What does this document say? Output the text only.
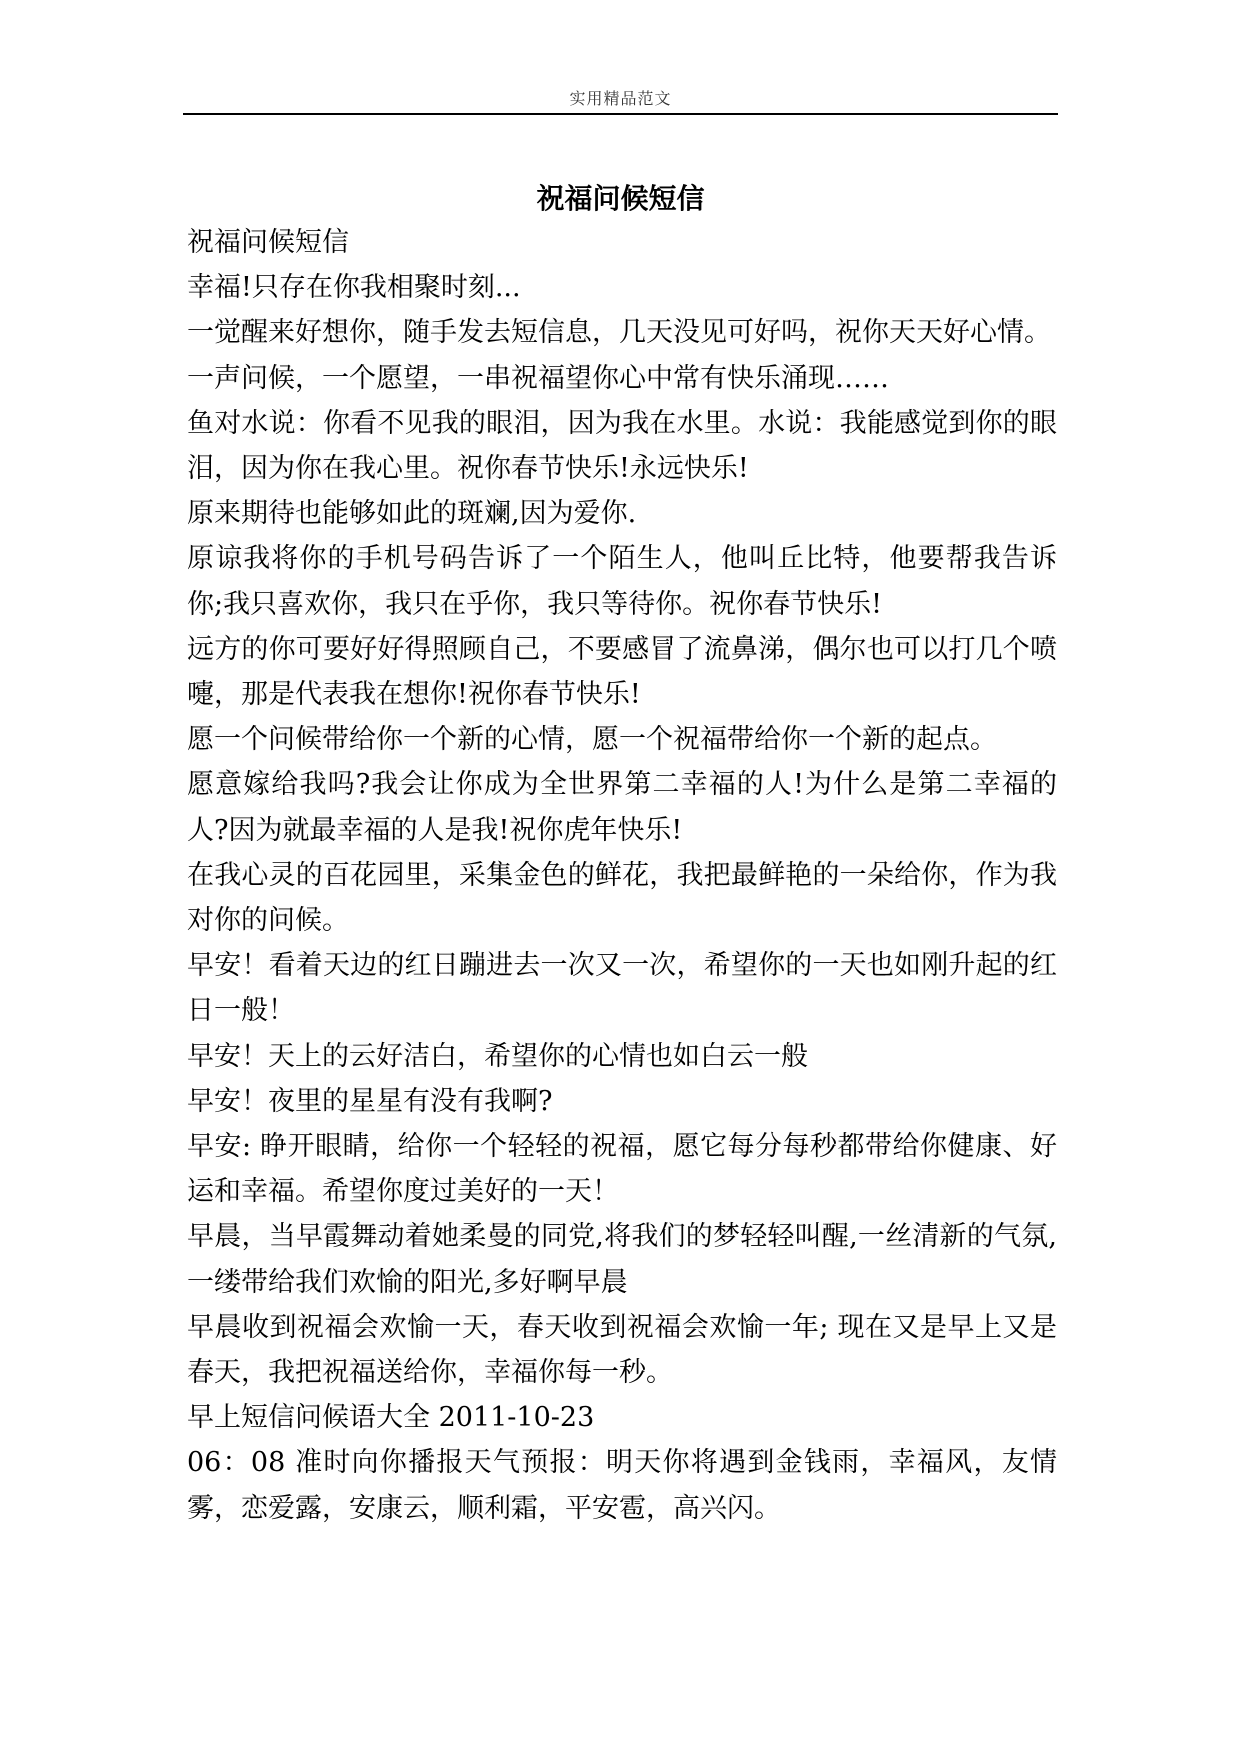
实用精品范文
祝福问候短信

祝福问候短信

幸福!只存在你我相聚时刻...

一觉醒来好想你，随手发去短信息，几天没见可好吗，祝你天天好心情。

一声问候，一个愿望，一串祝福望你心中常有快乐涌现……

鱼对水说：你看不见我的眼泪，因为我在水里。水说：我能感觉到你的眼泪，因为你在我心里。祝你春节快乐!永远快乐!

原来期待也能够如此的斑斓,因为爱你.

原谅我将你的手机号码告诉了一个陌生人，他叫丘比特，他要帮我告诉你;我只喜欢你，我只在乎你，我只等待你。祝你春节快乐!

远方的你可要好好得照顾自己，不要感冒了流鼻涕，偶尔也可以打几个喷嚏，那是代表我在想你!祝你春节快乐!

愿一个问候带给你一个新的心情，愿一个祝福带给你一个新的起点。

愿意嫁给我吗?我会让你成为全世界第二幸福的人!为什么是第二幸福的人?因为就最幸福的人是我!祝你虎年快乐!

在我心灵的百花园里，采集金色的鲜花，我把最鲜艳的一朵给你，作为我对你的问候。

早安！看着天边的红日蹦进去一次又一次，希望你的一天也如刚升起的红日一般！

早安！天上的云好洁白，希望你的心情也如白云一般

早安！夜里的星星有没有我啊?

早安: 睁开眼睛，给你一个轻轻的祝福，愿它每分每秒都带给你健康、好运和幸福。希望你度过美好的一天！

早晨，当早霞舞动着她柔曼的同党,将我们的梦轻轻叫醒,一丝清新的气氛,一缕带给我们欢愉的阳光,多好啊早晨

早晨收到祝福会欢愉一天，春天收到祝福会欢愉一年; 现在又是早上又是春天，我把祝福送给你，幸福你每一秒。

早上短信问候语大全 2011-10-23

06：08 准时向你播报天气预报：明天你将遇到金钱雨，幸福风，友情雾，恋爱露，安康云，顺利霜，平安雹，高兴闪。
